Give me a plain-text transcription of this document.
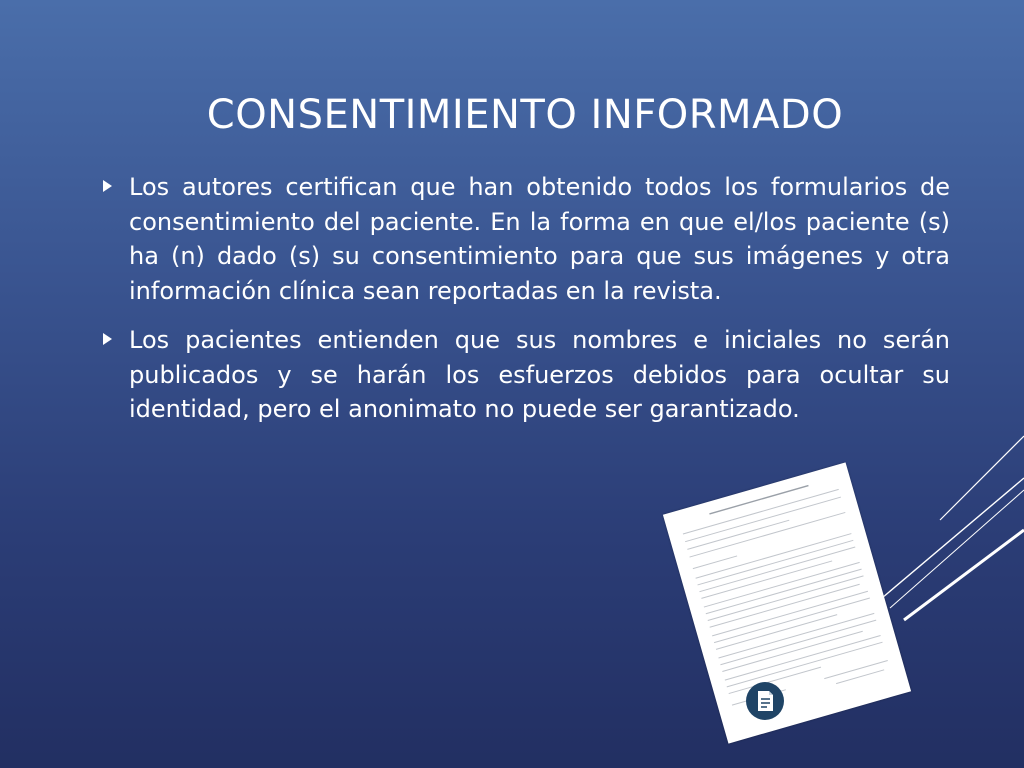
CONSENTIMIENTO INFORMADO
Los autores certifican que han obtenido todos los formularios de consentimiento del paciente. En la forma en que el/los paciente (s) ha (n) dado (s) su consentimiento para que sus imágenes y otra información clínica sean reportadas en la revista.
Los pacientes entienden que sus nombres e iniciales no serán publicados y se harán los esfuerzos debidos para ocultar su identidad, pero el anonimato no puede ser garantizado.
